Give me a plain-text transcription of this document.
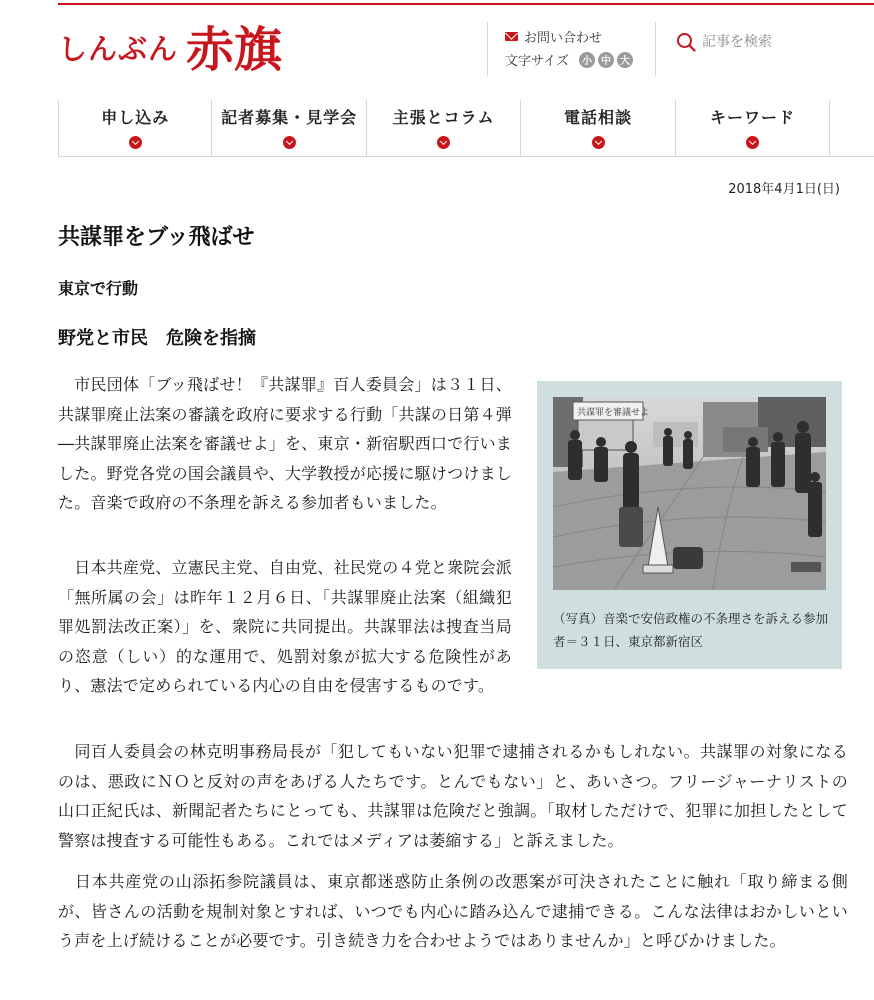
しんぶん 赤旗	お問い合わせ
文字サイズ	小 中 大
記事を検索
申し込み	記者募集・見学会 主張とコラム	電話相談	キーワード
2018年4月1日(日)
共謀罪をブッ飛ばせ
東京で行動
野党と市民　危険を指摘

　市民団体「ブッ飛ばせ！『共謀罪』百人委員会」は３１日、共謀罪廃止法案の審議を政府に要求する行動「共謀の日第４弾―共謀罪廃止法案を審議せよ」を、東京・新宿駅西口で行いました。野党各党の国会議員や、大学教授が応援に駆けつけました。音楽で政府の不条理を訴える参加者もいました。

　日本共産党、立憲民主党、自由党、社民党の４党と衆院会派「無所属の会」は昨年１２月６日、「共謀罪廃止法案（組織犯罪処罰法改正案）」を、衆院に共同提出。共謀罪法は捜査当局の恣意（しい）的な運用で、処罰対象が拡大する危険性があり、憲法で定められている内心の自由を侵害するものです。

　同百人委員会の林克明事務局長が「犯してもいない犯罪で逮捕されるかもしれない。共謀罪の対象になるのは、悪政にＮＯと反対の声をあげる人たちです。とんでもない」と、あいさつ。フリージャーナリストの山口正紀氏は、新聞記者たちにとっても、共謀罪は危険だと強調。「取材しただけで、犯罪に加担したとして警察は捜査する可能性もある。これではメディアは萎縮する」と訴えました。

　日本共産党の山添拓参院議員は、東京都迷惑防止条例の改悪案が可決されたことに触れ「取り締まる側が、皆さんの活動を規制対象とすれば、いつでも内心に踏み込んで逮捕できる。こんな法律はおかしいという声を上げ続けることが必要です。引き続き力を合わせようではありませんか」と呼びかけました。

共謀罪を審議せよ
（写真）音楽で安倍政権の不条理さを訴える参加者＝３１日、東京都新宿区
